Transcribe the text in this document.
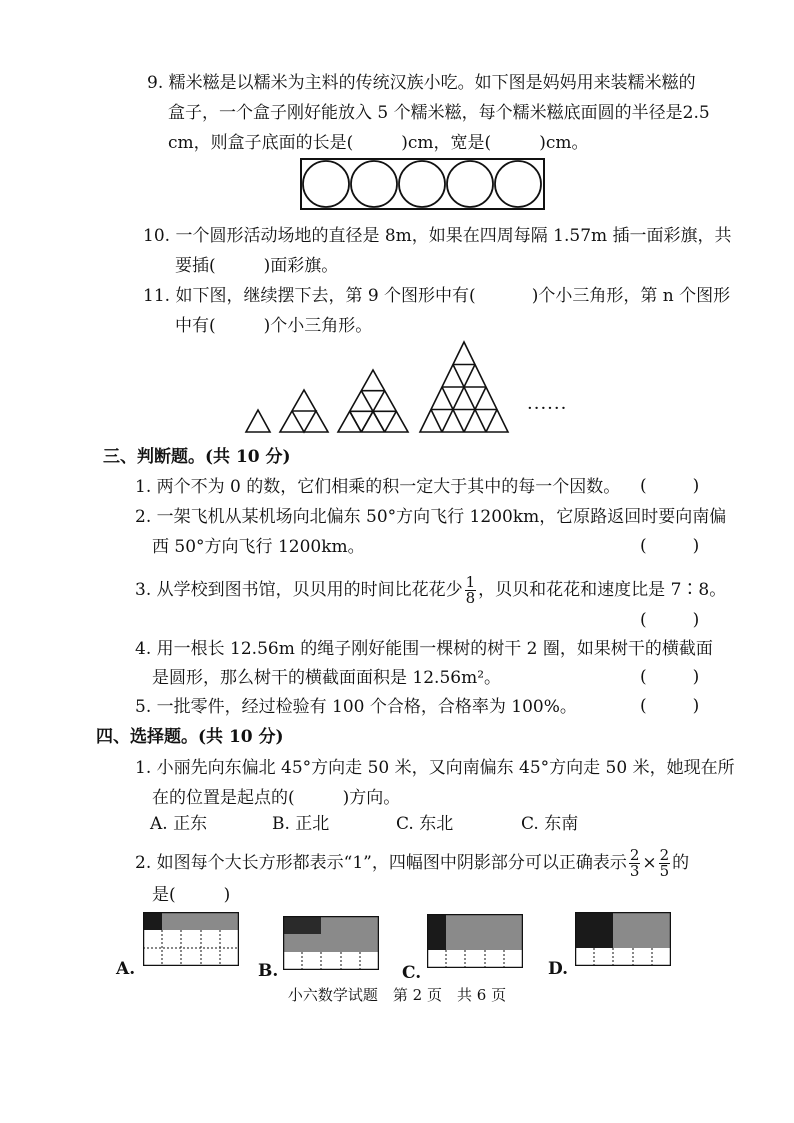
9. 糯米糍是以糯米为主料的传统汉族小吃。如下图是妈妈用来装糯米糍的
盒子，一个盒子刚好能放入 5 个糯米糍，每个糯米糍底面圆的半径是2.5
cm，则盒子底面的长是(	)cm，宽是(	)cm。
10. 一个圆形活动场地的直径是 8m，如果在四周每隔 1.57m 插一面彩旗，共
要插(	)面彩旗。
11. 如下图，继续摆下去，第 9 个图形中有(	)个小三角形，第 n 个图形
中有(	)个小三角形。
······
三、判断题。(共 10 分)
1. 两个不为 0 的数，它们相乘的积一定大于其中的每一个因数。 (	)
2. 一架飞机从某机场向北偏东 50°方向飞行 1200km，它原路返回时要向南偏
西 50°方向飞行 1200km。	(	)
3. 从学校到图书馆，贝贝用的时间比花花少 $\frac{1}{8}$ ，贝贝和花花和速度比是 7∶8。
(	)
4. 用一根长 12.56m 的绳子刚好能围一棵树的树干 2 圈，如果树干的横截面
是圆形，那么树干的横截面面积是 12.56m²。	(	)
5. 一批零件，经过检验有 100 个合格，合格率为 100%。	(	)
四、选择题。(共 10 分)
1. 小丽先向东偏北 45°方向走 50 米，又向南偏东 45°方向走 50 米，她现在所
在的位置是起点的(	)方向。
A. 正东	B. 正北	C. 东北	C. 东南
2. 如图每个大长方形都表示“1”，四幅图中阴影部分可以正确表示 $\frac{2}{3} \times \frac{2}{5}$ 的
是(	)
A.	B.	C.	D.
小六数学试题　第 2 页　共 6 页
